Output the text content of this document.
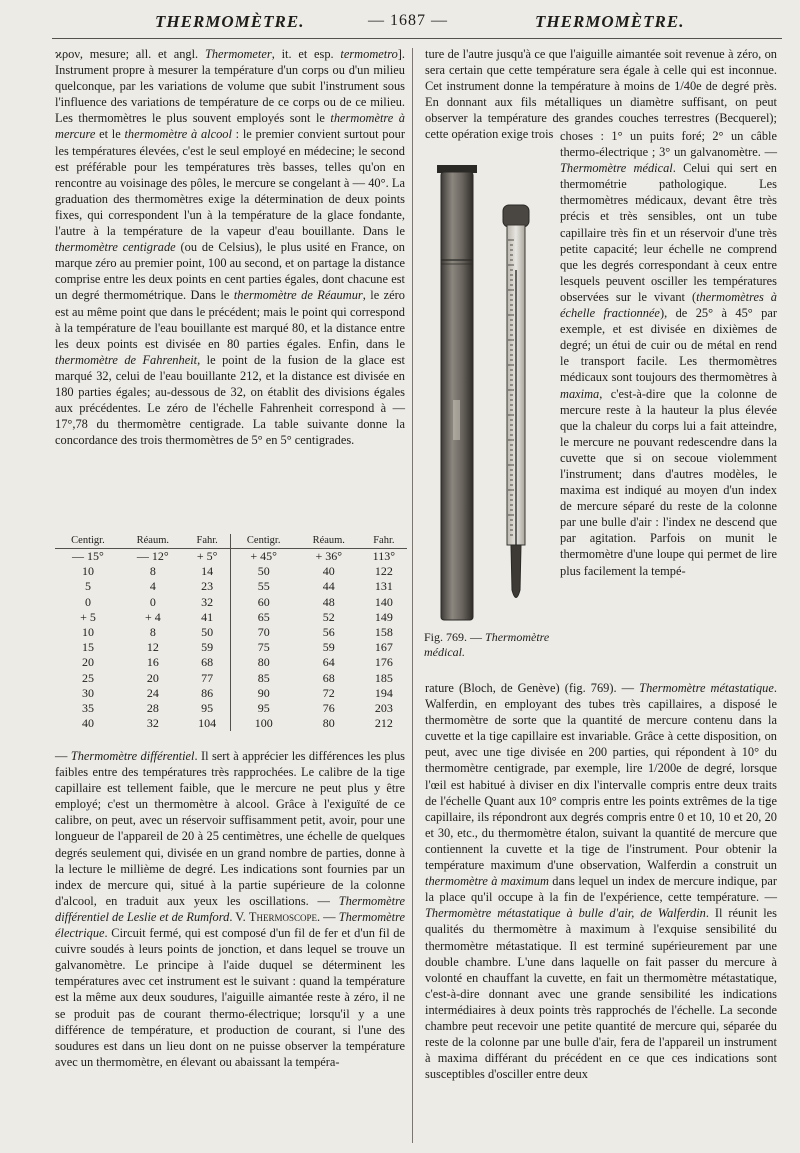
THERMOMÈTRE.	— 1687 —	THERMOMÈTRE.

ϰρον, mesure; all. et angl. Thermometer, it. et esp. termometro]. Instrument propre à mesurer la température d'un corps ou d'un milieu quelconque, par les variations de volume que subit l'instrument sous l'influence des variations de température de ce corps ou de ce milieu. Les thermomètres le plus souvent employés sont le thermomètre à mercure et le thermomètre à alcool : le premier convient surtout pour les températures élevées, c'est le seul employé en médecine; le second est préférable pour les températures très basses, telles qu'on en rencontre au voisinage des pôles, le mercure se congelant à — 40°. La graduation des thermomètres exige la détermination de deux points fixes, qui correspondent l'un à la température de la glace fondante, l'autre à la température de la vapeur d'eau bouillante. Dans le thermomètre centigrade (ou de Celsius), le plus usité en France, on marque zéro au premier point, 100 au second, et on partage la distance comprise entre les deux points en cent parties égales, dont chacune est un degré thermométrique. Dans le thermomètre de Réaumur, le zéro est au même point que dans le précédent; mais le point qui correspond à la température de l'eau bouillante est marqué 80, et la distance entre les deux points est divisée en 80 parties égales. Enfin, dans le thermomètre de Fahrenheit, le point de la fusion de la glace est marqué 32, celui de l'eau bouillante 212, et la distance est divisée en 180 parties égales; au-dessous de 32, on établit des divisions égales aux précédentes. Le zéro de l'échelle Fahrenheit correspond à — 17°,78 du thermomètre centigrade. La table suivante donne la concordance des trois thermomètres de 5° en 5° centigrades.

Centigr.	Réaum.	Fahr.	Centigr.	Réaum.	Fahr.
— 15°	— 12°	+ 5°	+ 45°	+ 36°	113°
10	8	14	50	40	122
5	4	23	55	44	131
0	0	32	60	48	140
+ 5	+ 4	41	65	52	149
10	8	50	70	56	158
15	12	59	75	59	167
20	16	68	80	64	176
25	20	77	85	68	185
30	24	86	90	72	194
35	28	95	95	76	203
40	32	104	100	80	212

— Thermomètre différentiel. Il sert à apprécier les différences les plus faibles entre des températures très rapprochées. Le calibre de la tige capillaire est tellement faible, que le mercure ne peut plus y être employé; c'est un thermomètre à alcool. Grâce à l'exiguïté de ce calibre, on peut, avec un réservoir suffisamment petit, avoir, pour une longueur de l'appareil de 20 à 25 centimètres, une échelle de quelques degrés seulement qui, divisée en un grand nombre de parties, donne à la lecture le millième de degré. Les indications sont fournies par un index de mercure qui, situé à la partie supérieure de la colonne d'alcool, en traduit aux yeux les oscillations. — Thermomètre différentiel de Leslie et de Rumford. V. Thermoscope. — Thermomètre électrique. Circuit fermé, qui est composé d'un fil de fer et d'un fil de cuivre soudés à leurs points de jonction, et dans lequel se trouve un galvanomètre. Le principe à l'aide duquel se déterminent les températures avec cet instrument est le suivant : quand la température est la même aux deux soudures, l'aiguille aimantée reste à zéro, il ne se produit pas de courant thermo-électrique; lorsqu'il y a une différence de température, et production de courant, si l'une des soudures est dans un lieu dont on ne puisse observer la température avec un thermomètre, en élevant ou abaissant la tempéra-

ture de l'autre jusqu'à ce que l'aiguille aimantée soit revenue à zéro, on sera certain que cette température sera égale à celle qui est inconnue. Cet instrument donne la température à moins de 1/40e de degré près. En donnant aux fils métalliques un diamètre suffisant, on peut observer la température des grandes couches terrestres (Becquerel); cette opération exige trois

Fig. 769. — Thermomètre médical.

choses : 1° un puits foré; 2° un câble thermo-électrique ; 3° un galvanomètre. — Thermomètre médical. Celui qui sert en thermométrie pathologique. Les thermomètres médicaux, devant être très précis et très sensibles, ont un tube capillaire très fin et un réservoir d'une très petite capacité; leur échelle ne comprend que les degrés correspondant à ceux entre lesquels peuvent osciller les températures observées sur le vivant (thermomètres à échelle fractionnée), de 25° à 45° par exemple, et est divisée en dixièmes de degré; un étui de cuir ou de métal en rend le transport facile. Les thermomètres médicaux sont toujours des thermomètres à maxima, c'est-à-dire que la colonne de mercure reste à la hauteur la plus élevée que la chaleur du corps lui a fait atteindre, le mercure ne pouvant redescendre dans la cuvette que si on secoue violemment l'instrument; dans d'autres modèles, le maxima est indiqué au moyen d'un index de mercure séparé du reste de la colonne par une bulle d'air : l'index ne descend que par agitation. Parfois on munit le thermomètre d'une loupe qui permet de lire plus facilement la tempé-

rature (Bloch, de Genève) (fig. 769). — Thermomètre métastatique. Walferdin, en employant des tubes très capillaires, a disposé le thermomètre de sorte que la quantité de mercure contenu dans la cuvette et la tige capillaire est invariable. Grâce à cette disposition, on peut, avec une tige divisée en 200 parties, qui répondent à 10° du thermomètre centigrade, par exemple, lire 1/200e de degré, lorsque l'œil est habitué à diviser en dix l'intervalle compris entre deux traits de l'échelle Quant aux 10° compris entre les points extrêmes de la tige capillaire, ils répondront aux degrés compris entre 0 et 10, 10 et 20, 20 et 30, etc., du thermomètre étalon, suivant la quantité de mercure que contiennent la cuvette et la tige de l'instrument. Pour obtenir la température maximum d'une observation, Walferdin a construit un thermomètre à maximum dans lequel un index de mercure indique, par la place qu'il occupe à la fin de l'expérience, cette température. — Thermomètre métastatique à bulle d'air, de Walferdin. Il réunit les qualités du thermomètre à maximum à l'exquise sensibilité du thermomètre métastatique. Il est terminé supérieurement par une double chambre. L'une dans laquelle on fait passer du mercure à volonté en chauffant la cuvette, en fait un thermomètre métastatique, c'est-à-dire donnant avec une grande sensibilité les indications intermédiaires à deux points très rapprochés de l'échelle. La seconde chambre peut recevoir une petite quantité de mercure qui, séparée du reste de la colonne par une bulle d'air, fera de l'appareil un instrument à maxima différant du précédent en ce que ces indications sont susceptibles d'osciller entre deux
